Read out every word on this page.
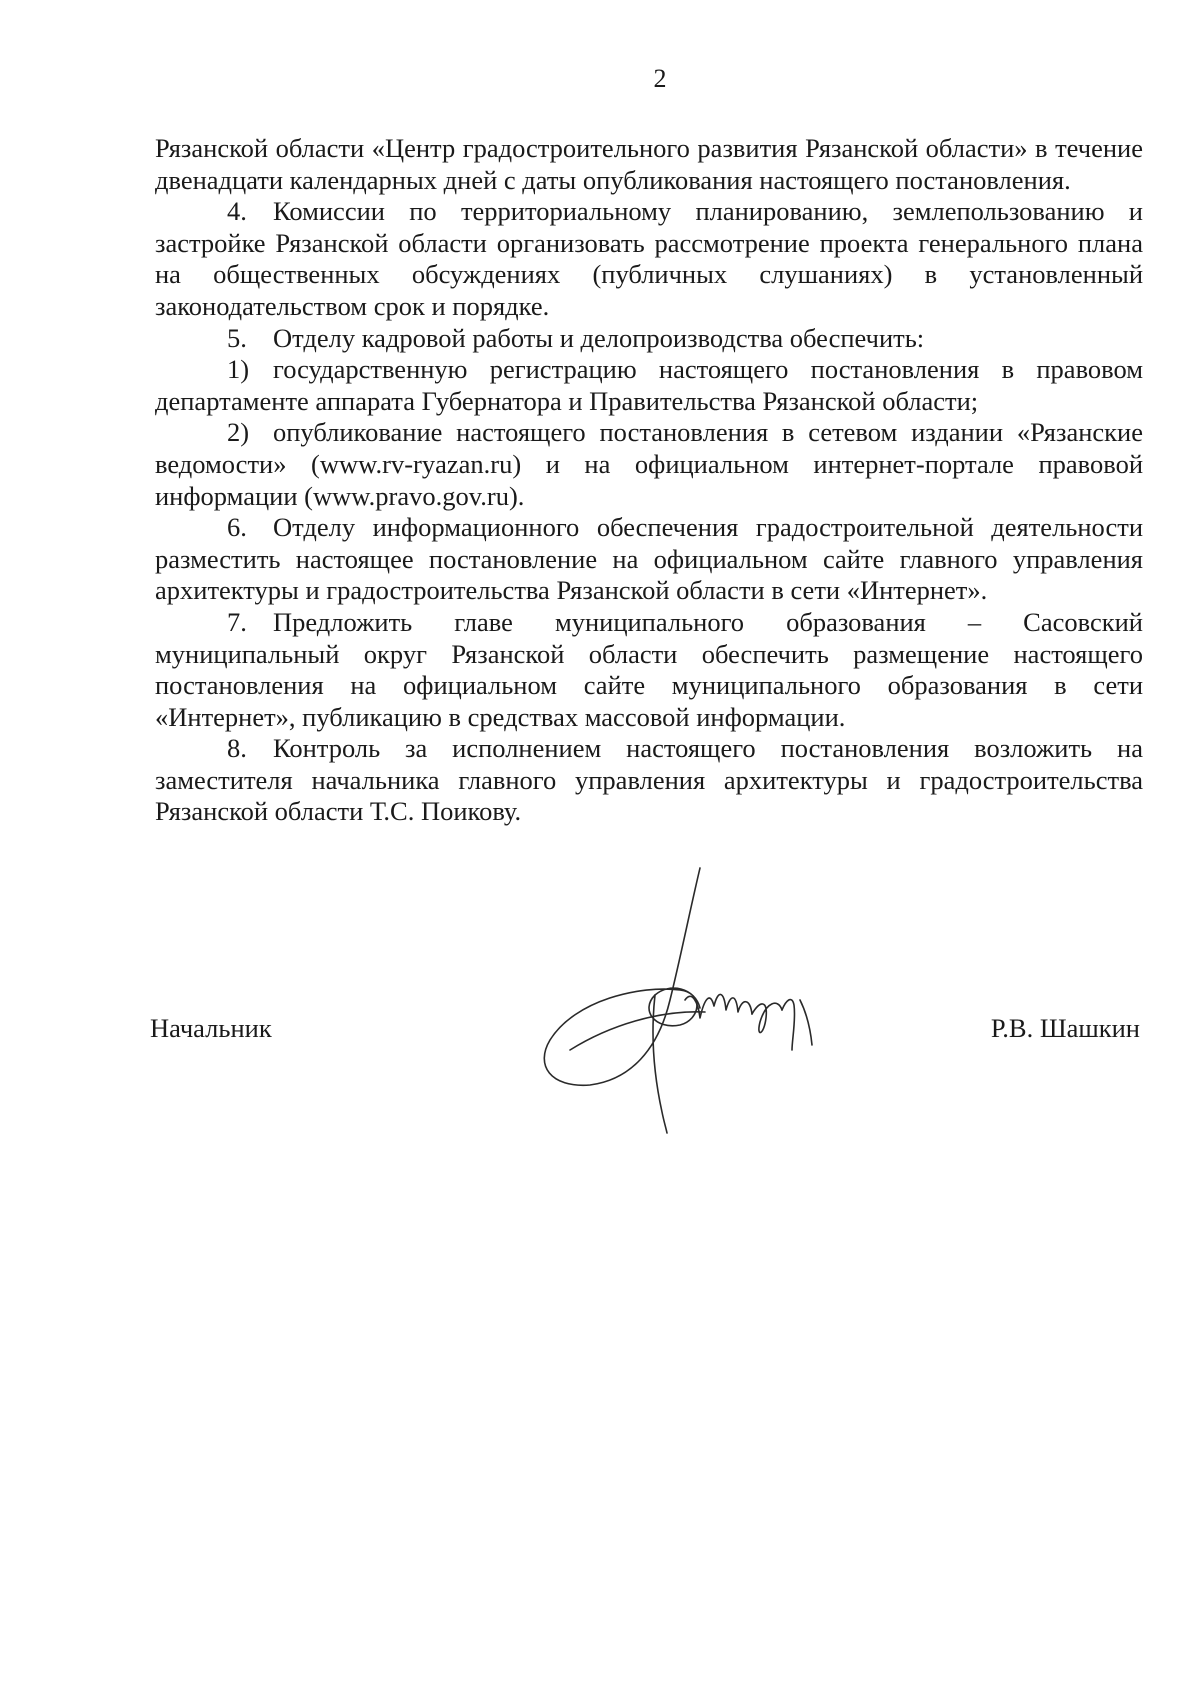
2

Рязанской области «Центр градостроительного развития Рязанской области» в течение двенадцати календарных дней с даты опубликования настоящего постановления.

4. Комиссии по территориальному планированию, землепользованию и застройке Рязанской области организовать рассмотрение проекта генерального плана на общественных обсуждениях (публичных слушаниях) в установленный законодательством срок и порядке.

5. Отделу кадровой работы и делопроизводства обеспечить:

1) государственную регистрацию настоящего постановления в правовом департаменте аппарата Губернатора и Правительства Рязанской области;

2) опубликование настоящего постановления в сетевом издании «Рязанские ведомости» (www.rv-ryazan.ru) и на официальном интернет-портале правовой информации (www.pravo.gov.ru).

6. Отделу информационного обеспечения градостроительной деятельности разместить настоящее постановление на официальном сайте главного управления архитектуры и градостроительства Рязанской области в сети «Интернет».

7. Предложить главе муниципального образования – Сасовский муниципальный округ Рязанской области обеспечить размещение настоящего постановления на официальном сайте муниципального образования в сети «Интернет», публикацию в средствах массовой информации.

8. Контроль за исполнением настоящего постановления возложить на заместителя начальника главного управления архитектуры и градостроительства Рязанской области Т.С. Поикову.

Начальник	Р.В. Шашкин
